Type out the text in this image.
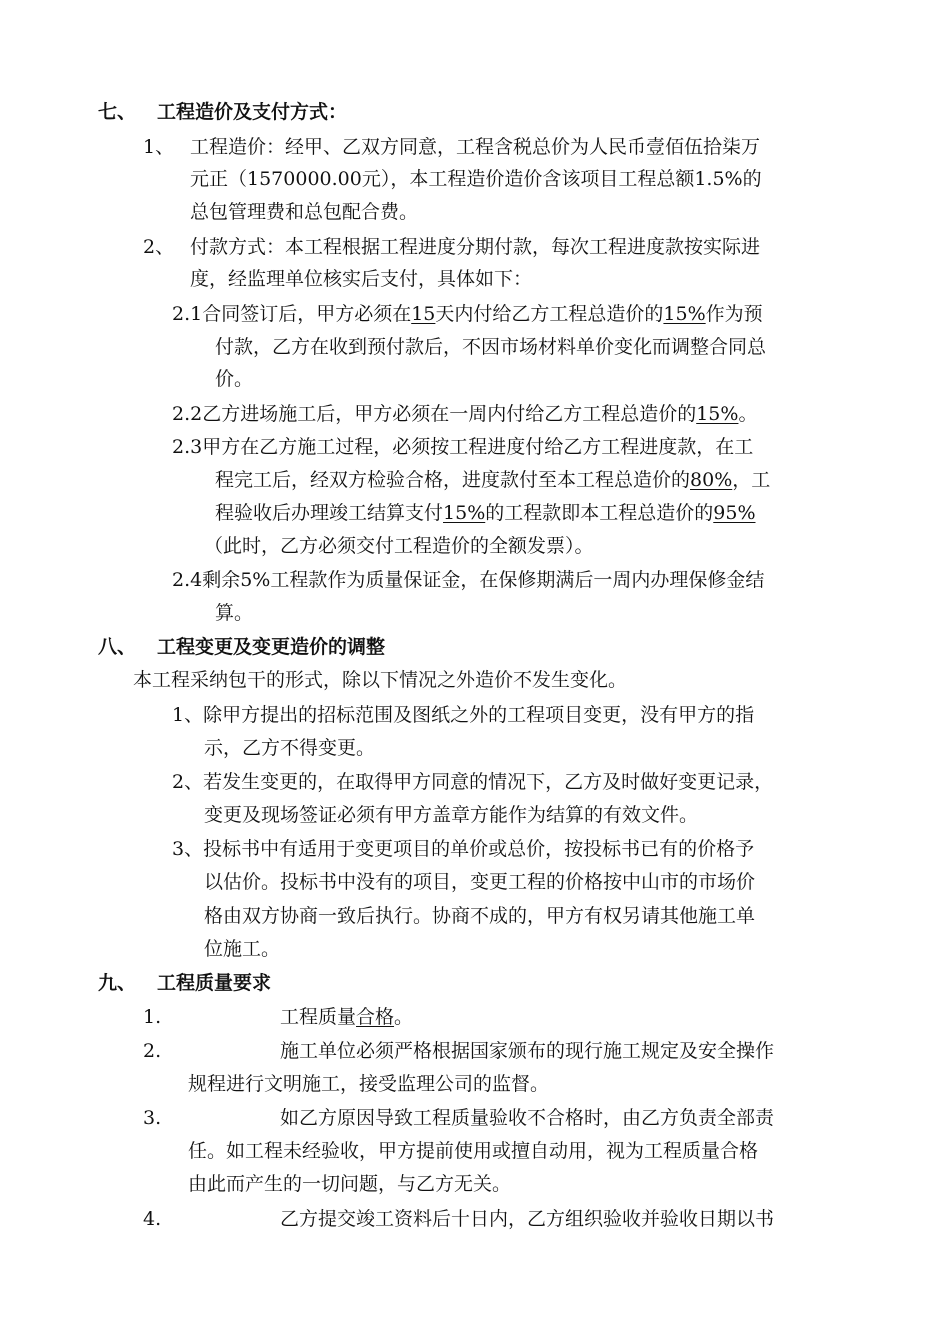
七、 工程造价及支付方式：
1、 工程造价：经甲、乙双方同意，工程含税总价为人民币壹佰伍拾柒万
元正（1570000.00元），本工程造价造价含该项目工程总额1.5%的
总包管理费和总包配合费。
2、 付款方式：本工程根据工程进度分期付款，每次工程进度款按实际进
度，经监理单位核实后支付，具体如下：
2.1合同签订后，甲方必须在15天内付给乙方工程总造价的15%作为预
付款，乙方在收到预付款后，不因市场材料单价变化而调整合同总
价。
2.2乙方进场施工后，甲方必须在一周内付给乙方工程总造价的15%。
2.3甲方在乙方施工过程，必须按工程进度付给乙方工程进度款，在工
程完工后，经双方检验合格，进度款付至本工程总造价的80%，工
程验收后办理竣工结算支付15%的工程款即本工程总造价的95%
（此时，乙方必须交付工程造价的全额发票）。
2.4剩余5%工程款作为质量保证金，在保修期满后一周内办理保修金结
算。
八、 工程变更及变更造价的调整
本工程采纳包干的形式，除以下情况之外造价不发生变化。
1、除甲方提出的招标范围及图纸之外的工程项目变更，没有甲方的指
示，乙方不得变更。
2、若发生变更的，在取得甲方同意的情况下，乙方及时做好变更记录，
变更及现场签证必须有甲方盖章方能作为结算的有效文件。
3、投标书中有适用于变更项目的单价或总价，按投标书已有的价格予
以估价。投标书中没有的项目，变更工程的价格按中山市的市场价
格由双方协商一致后执行。协商不成的，甲方有权另请其他施工单
位施工。
九、 工程质量要求
1.	工程质量合格。
2.	施工单位必须严格根据国家颁布的现行施工规定及安全操作
规程进行文明施工，接受监理公司的监督。
3.	如乙方原因导致工程质量验收不合格时，由乙方负责全部责
任。如工程未经验收，甲方提前使用或擅自动用，视为工程质量合格
由此而产生的一切问题，与乙方无关。
4.	乙方提交竣工资料后十日内，乙方组织验收并验收日期以书
